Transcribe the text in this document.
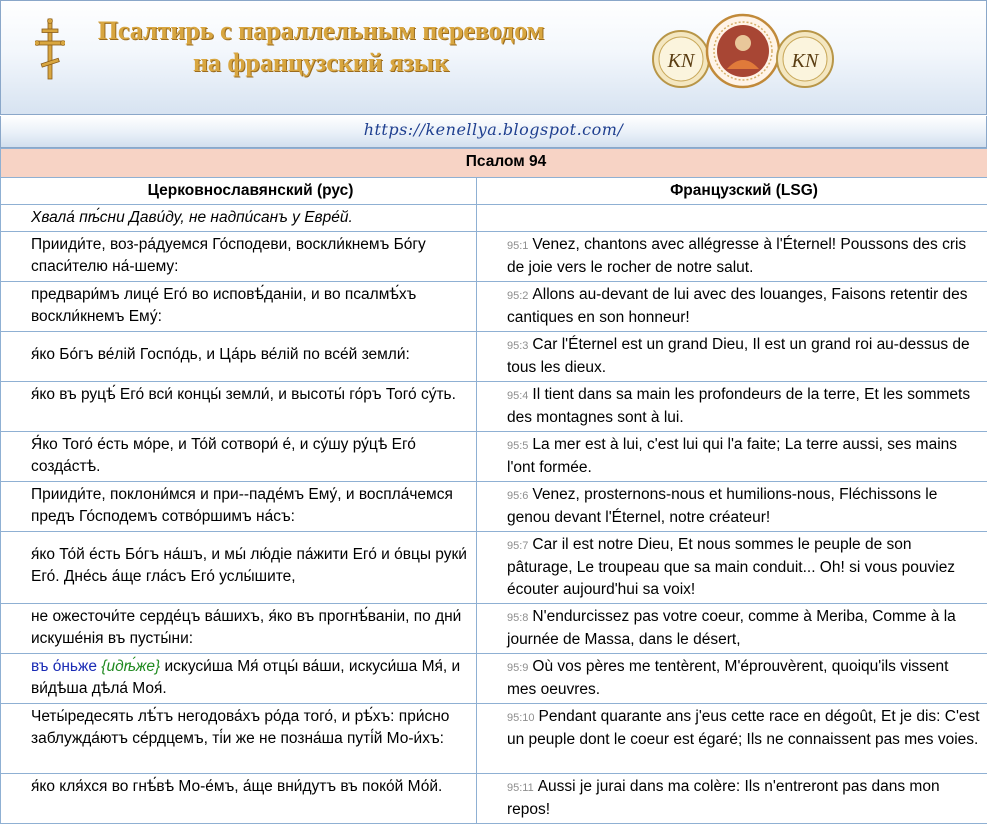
Псалтирь с параллельным переводом
на французский язык	KN	KN
https://kenellya.blogspot.com/
Псалом 94	
Церковнославянский (рус)	Французский (LSG)
Хвала́ пѣ́сни Дави́ду, не надпи́санъ у Евре́й.	
Прииди́те, воз-ра́дуемся Го́сподеви, воскли́кнемъ Бо́гу спаси́телю на́-шему:	95:1 Venez, chantons avec allégresse à l'Éternel! Poussons des cris de joie vers le rocher de notre salut.
предвари́мъ лице́ Его́ во исповѣ́даніи, и во псалмѣ́хъ воскли́кнемъ Ему́:	95:2 Allons au-devant de lui avec des louanges, Faisons retentir des cantiques en son honneur!
я́ко Бо́гъ ве́лій Госпо́дь, и Ца́рь ве́лій по все́й земли́:	95:3 Car l'Éternel est un grand Dieu, Il est un grand roi au-dessus de tous les dieux.
я́ко въ руцѣ́ Его́ вси́ концы́ земли́, и высоты́ го́ръ Того́ су́ть.	95:4 Il tient dans sa main les profondeurs de la terre, Et les sommets des montagnes sont à lui.
Я́ко Того́ е́сть мо́ре, и То́й сотвори́ е́, и су́шу ру́цѣ Его́ созда́стѣ.	95:5 La mer est à lui, c'est lui qui l'a faite; La terre aussi, ses mains l'ont formée.
Прииди́те, поклони́мся и при--паде́мъ Ему́, и воспла́чемся предъ Го́сподемъ сотво́ршимъ на́съ:	95:6 Venez, prosternons-nous et humilions-nous, Fléchissons le genou devant l'Éternel, notre créateur!
я́ко То́й е́сть Бо́гъ на́шъ, и мы́ лю́діе па́жити Его́ и о́вцы руки́ Его́. Дне́сь а́ще гла́съ Его́ услы́шите,	95:7 Car il est notre Dieu, Et nous sommes le peuple de son pâturage, Le troupeau que sa main conduit... Oh! si vous pouviez écouter aujourd'hui sa voix!
не ожесточи́те серде́цъ ва́шихъ, я́ко въ прогнѣ́ваніи, по дни́ искуше́нія въ пусты́ни:	95:8 N'endurcissez pas votre coeur, comme à Meriba, Comme à la journée de Massa, dans le désert,
въ о́ньже {идѣ́же} искуси́ша Мя́ отцы́ ва́ши, искуси́ша Мя́, и ви́дѣша дѣла́ Моя́.	95:9 Où vos pères me tentèrent, M'éprouvèrent, quoiqu'ils vissent mes oeuvres.
Четы́редесять лѣ́тъ негодова́хъ ро́да того́, и рѣ́хъ: при́сно заблужда́ютъ се́рдцемъ, ті́и же не позна́ша путі́й Мо-и́хъ:	95:10 Pendant quarante ans j'eus cette race en dégoût, Et je dis: C'est un peuple dont le coeur est égaré; Ils ne connaissent pas mes voies.
я́ко кля́хся во гнѣ́вѣ Мо-е́мъ, а́ще вни́дутъ въ поко́й Мо́й.	95:11 Aussi je jurai dans ma colère: Ils n'entreront pas dans mon repos!
